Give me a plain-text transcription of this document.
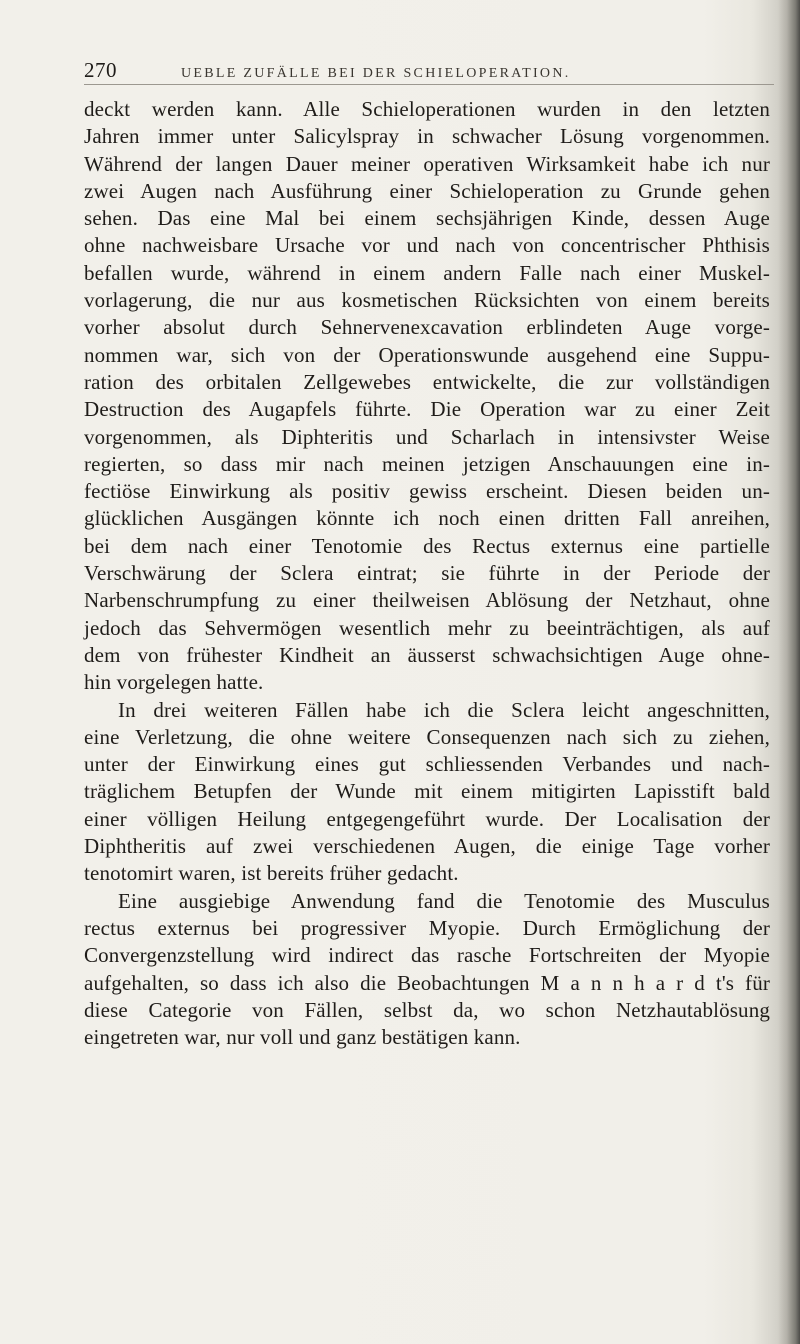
270	UEBLE ZUFÄLLE BEI DER SCHIELOPERATION.
deckt werden kann. Alle Schieloperationen wurden in den letzten
Jahren immer unter Salicylspray in schwacher Lösung vorgenommen.
Während der langen Dauer meiner operativen Wirksamkeit habe ich nur
zwei Augen nach Ausführung einer Schieloperation zu Grunde gehen
sehen. Das eine Mal bei einem sechsjährigen Kinde, dessen Auge
ohne nachweisbare Ursache vor und nach von concentrischer Phthisis
befallen wurde, während in einem andern Falle nach einer Muskel-
vorlagerung, die nur aus kosmetischen Rücksichten von einem bereits
vorher absolut durch Sehnervenexcavation erblindeten Auge vorge-
nommen war, sich von der Operationswunde ausgehend eine Suppu-
ration des orbitalen Zellgewebes entwickelte, die zur vollständigen
Destruction des Augapfels führte. Die Operation war zu einer Zeit
vorgenommen, als Diphteritis und Scharlach in intensivster Weise
regierten, so dass mir nach meinen jetzigen Anschauungen eine in-
fectiöse Einwirkung als positiv gewiss erscheint. Diesen beiden un-
glücklichen Ausgängen könnte ich noch einen dritten Fall anreihen,
bei dem nach einer Tenotomie des Rectus externus eine partielle
Verschwärung der Sclera eintrat; sie führte in der Periode der
Narbenschrumpfung zu einer theilweisen Ablösung der Netzhaut, ohne
jedoch das Sehvermögen wesentlich mehr zu beeinträchtigen, als auf
dem von frühester Kindheit an äusserst schwachsichtigen Auge ohne-
hin vorgelegen hatte.
In drei weiteren Fällen habe ich die Sclera leicht angeschnitten,
eine Verletzung, die ohne weitere Consequenzen nach sich zu ziehen,
unter der Einwirkung eines gut schliessenden Verbandes und nach-
träglichem Betupfen der Wunde mit einem mitigirten Lapisstift bald
einer völligen Heilung entgegengeführt wurde. Der Localisation der
Diphtheritis auf zwei verschiedenen Augen, die einige Tage vorher
tenotomirt waren, ist bereits früher gedacht.
Eine ausgiebige Anwendung fand die Tenotomie des Musculus
rectus externus bei progressiver Myopie. Durch Ermöglichung der
Convergenzstellung wird indirect das rasche Fortschreiten der Myopie
aufgehalten, so dass ich also die Beobachtungen M a n n h a r d t's für
diese Categorie von Fällen, selbst da, wo schon Netzhautablösung
eingetreten war, nur voll und ganz bestätigen kann.
